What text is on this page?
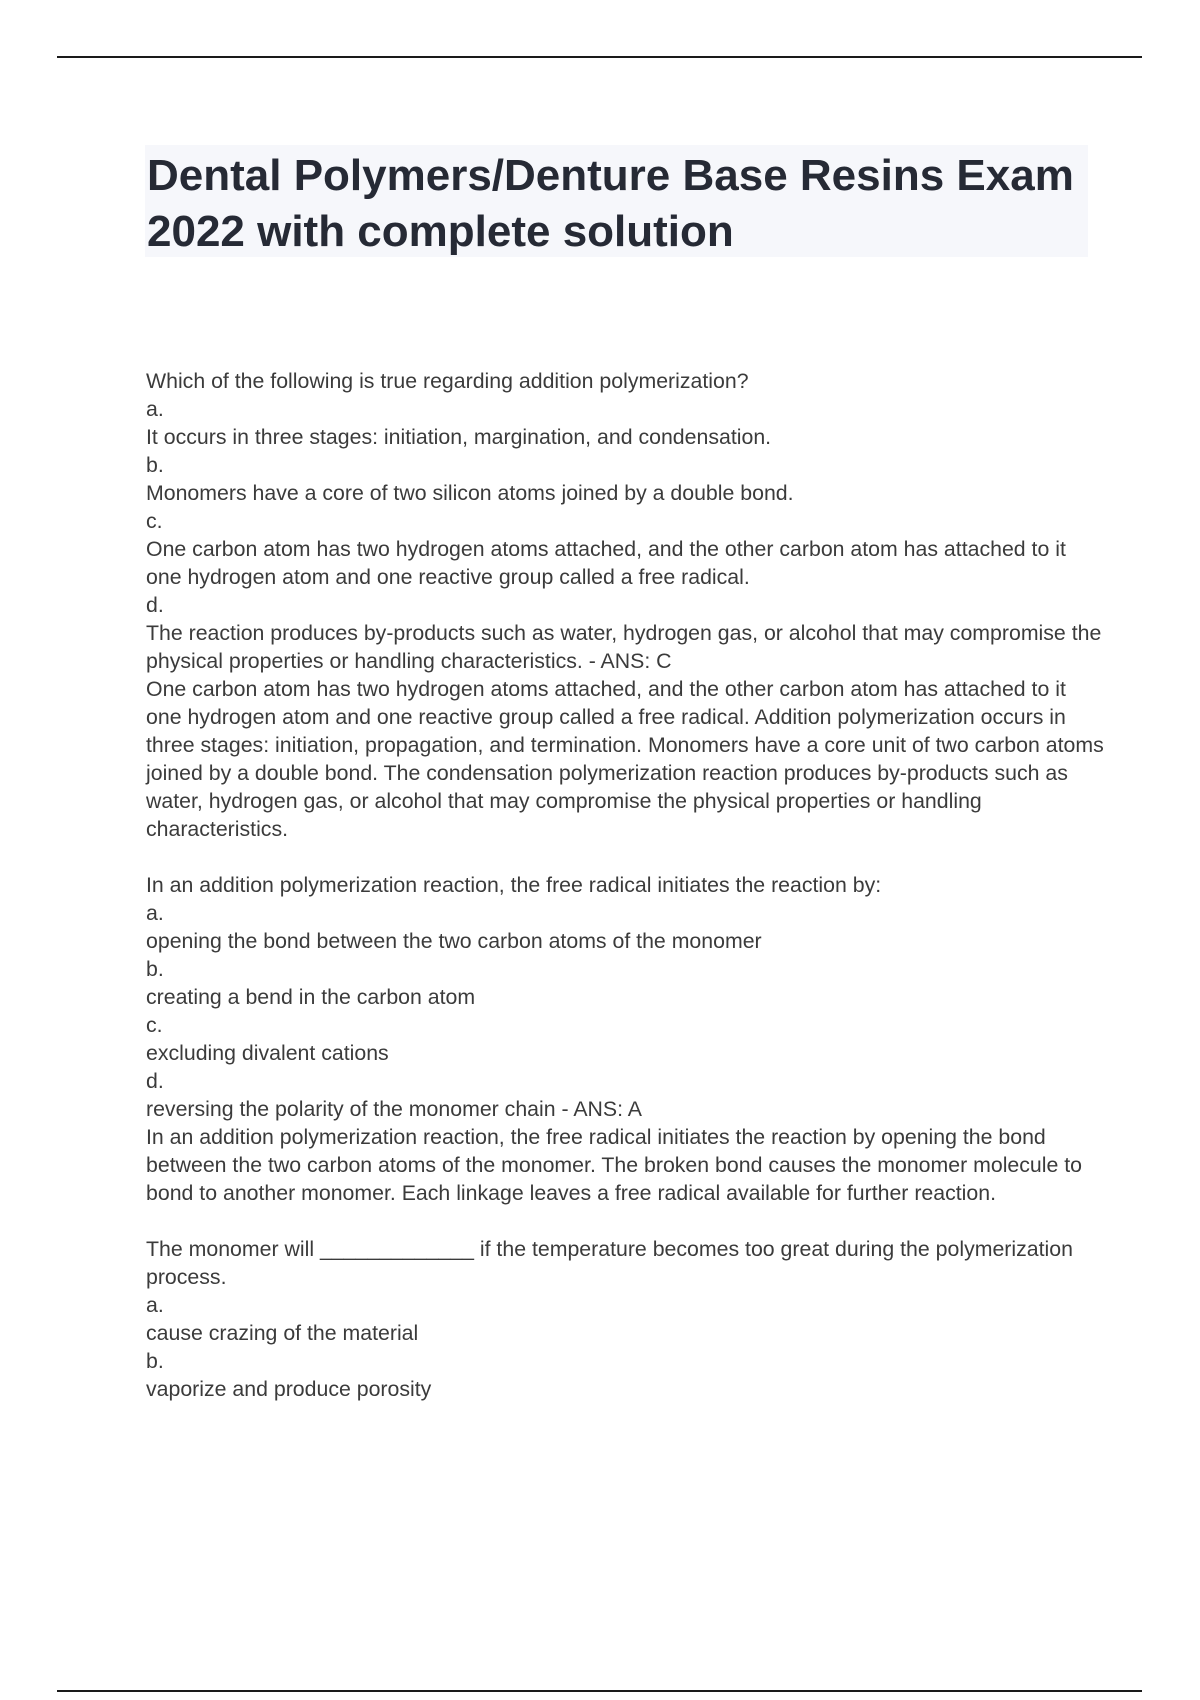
Dental Polymers/Denture Base Resins Exam 2022 with complete solution
Which of the following is true regarding addition polymerization?
a.
It occurs in three stages: initiation, margination, and condensation.
b.
Monomers have a core of two silicon atoms joined by a double bond.
c.
One carbon atom has two hydrogen atoms attached, and the other carbon atom has attached to it one hydrogen atom and one reactive group called a free radical.
d.
The reaction produces by-products such as water, hydrogen gas, or alcohol that may compromise the physical properties or handling characteristics. - ANS: C
One carbon atom has two hydrogen atoms attached, and the other carbon atom has attached to it one hydrogen atom and one reactive group called a free radical. Addition polymerization occurs in three stages: initiation, propagation, and termination. Monomers have a core unit of two carbon atoms joined by a double bond. The condensation polymerization reaction produces by-products such as water, hydrogen gas, or alcohol that may compromise the physical properties or handling characteristics.
In an addition polymerization reaction, the free radical initiates the reaction by:
a.
opening the bond between the two carbon atoms of the monomer
b.
creating a bend in the carbon atom
c.
excluding divalent cations
d.
reversing the polarity of the monomer chain - ANS: A
In an addition polymerization reaction, the free radical initiates the reaction by opening the bond between the two carbon atoms of the monomer. The broken bond causes the monomer molecule to bond to another monomer. Each linkage leaves a free radical available for further reaction.
The monomer will _____________ if the temperature becomes too great during the polymerization process.
a.
cause crazing of the material
b.
vaporize and produce porosity
